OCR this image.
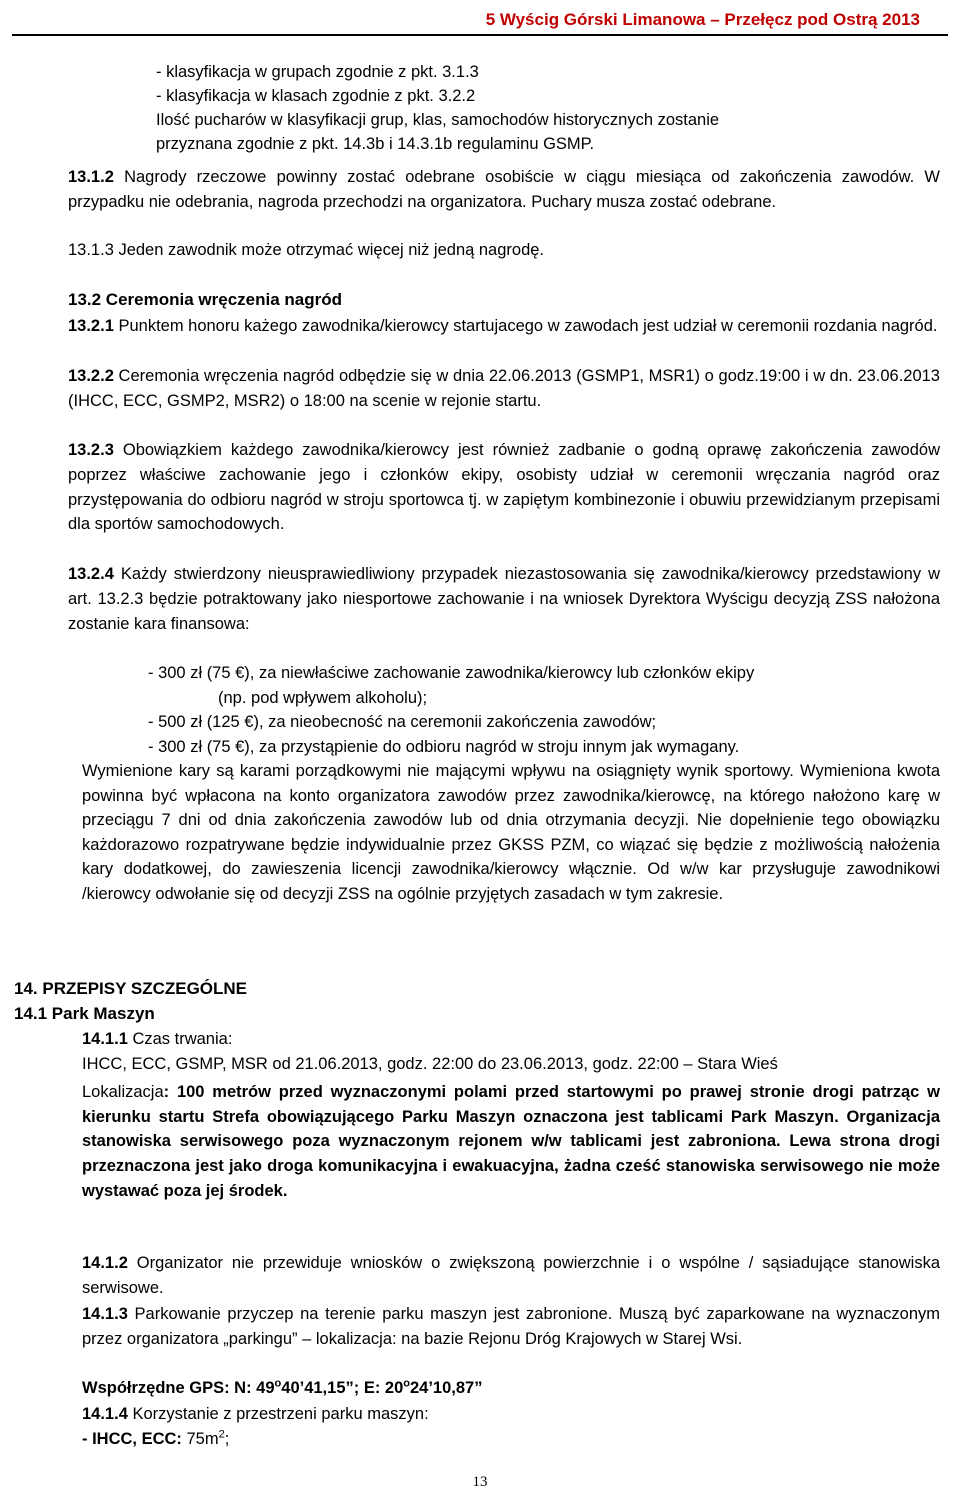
5 Wyścig Górski Limanowa – Przełęcz pod Ostrą 2013
- klasyfikacja w grupach zgodnie z pkt. 3.1.3
- klasyfikacja w klasach zgodnie z pkt. 3.2.2
Ilość pucharów w klasyfikacji grup, klas, samochodów historycznych zostanie
przyznana zgodnie z pkt. 14.3b i 14.3.1b regulaminu GSMP.
13.1.2 Nagrody rzeczowe powinny zostać odebrane osobiście w ciągu miesiąca od zakończenia zawodów. W przypadku nie odebrania, nagroda przechodzi na organizatora. Puchary musza zostać odebrane.
13.1.3 Jeden zawodnik może otrzymać więcej niż jedną nagrodę.
13.2 Ceremonia wręczenia nagród
13.2.1 Punktem honoru każego zawodnika/kierowcy startujacego w zawodach jest udział w ceremonii rozdania nagród.
13.2.2 Ceremonia wręczenia nagród odbędzie się w dnia 22.06.2013 (GSMP1, MSR1) o godz.19:00 i w dn. 23.06.2013 (IHCC, ECC, GSMP2, MSR2) o 18:00 na scenie w rejonie startu.
13.2.3 Obowiązkiem każdego zawodnika/kierowcy jest również zadbanie o godną oprawę zakończenia zawodów poprzez właściwe zachowanie jego i członków ekipy, osobisty udział w ceremonii wręczania nagród oraz przystępowania do odbioru nagród w stroju sportowca tj. w zapiętym kombinezonie i obuwiu przewidzianym przepisami dla sportów samochodowych.
13.2.4 Każdy stwierdzony nieusprawiedliwiony przypadek niezastosowania się zawodnika/kierowcy przedstawiony w art. 13.2.3 będzie potraktowany jako niesportowe zachowanie i na wniosek Dyrektora Wyścigu decyzją ZSS nałożona zostanie kara finansowa:
- 300 zł (75 €), za niewłaściwe zachowanie zawodnika/kierowcy lub członków ekipy
(np. pod wpływem alkoholu);
- 500 zł (125 €), za nieobecność na ceremonii zakończenia zawodów;
- 300 zł (75 €), za przystąpienie do odbioru nagród w stroju innym jak wymagany.
Wymienione kary są karami porządkowymi nie mającymi wpływu na osiągnięty wynik sportowy. Wymieniona kwota powinna być wpłacona na konto organizatora zawodów przez zawodnika/kierowcę, na którego nałożono karę w przeciągu 7 dni od dnia zakończenia zawodów lub od dnia otrzymania decyzji. Nie dopełnienie tego obowiązku każdorazowo rozpatrywane będzie indywidualnie przez GKSS PZM, co wiązać się będzie z możliwością nałożenia kary dodatkowej, do zawieszenia licencji zawodnika/kierowcy włącznie. Od w/w kar przysługuje zawodnikowi /kierowcy odwołanie się od decyzji ZSS na ogólnie przyjętych zasadach w tym zakresie.
14. PRZEPISY SZCZEGÓLNE
14.1 Park Maszyn
14.1.1 Czas trwania:
IHCC, ECC, GSMP, MSR od 21.06.2013, godz. 22:00 do 23.06.2013, godz. 22:00 – Stara Wieś
Lokalizacja: 100 metrów przed wyznaczonymi polami przed startowymi po prawej stronie drogi patrząc w kierunku startu Strefa obowiązującego Parku Maszyn oznaczona jest tablicami Park Maszyn. Organizacja stanowiska serwisowego poza wyznaczonym rejonem w/w tablicami jest zabroniona. Lewa strona drogi przeznaczona jest jako droga komunikacyjna i ewakuacyjna, żadna cześć stanowiska serwisowego nie może wystawać poza jej środek.
14.1.2 Organizator nie przewiduje wniosków o zwiększoną powierzchnie i o wspólne / sąsiadujące stanowiska serwisowe.
14.1.3 Parkowanie przyczep na terenie parku maszyn jest zabronione. Muszą być zaparkowane na wyznaczonym przez organizatora „parkingu” – lokalizacja: na bazie Rejonu Dróg Krajowych w Starej Wsi.
Współrzędne GPS: N: 49$^o$40’41,15”; E: 20$^o$24’10,87”
14.1.4 Korzystanie z przestrzeni parku maszyn:
- IHCC, ECC: $75m^2$;
13
